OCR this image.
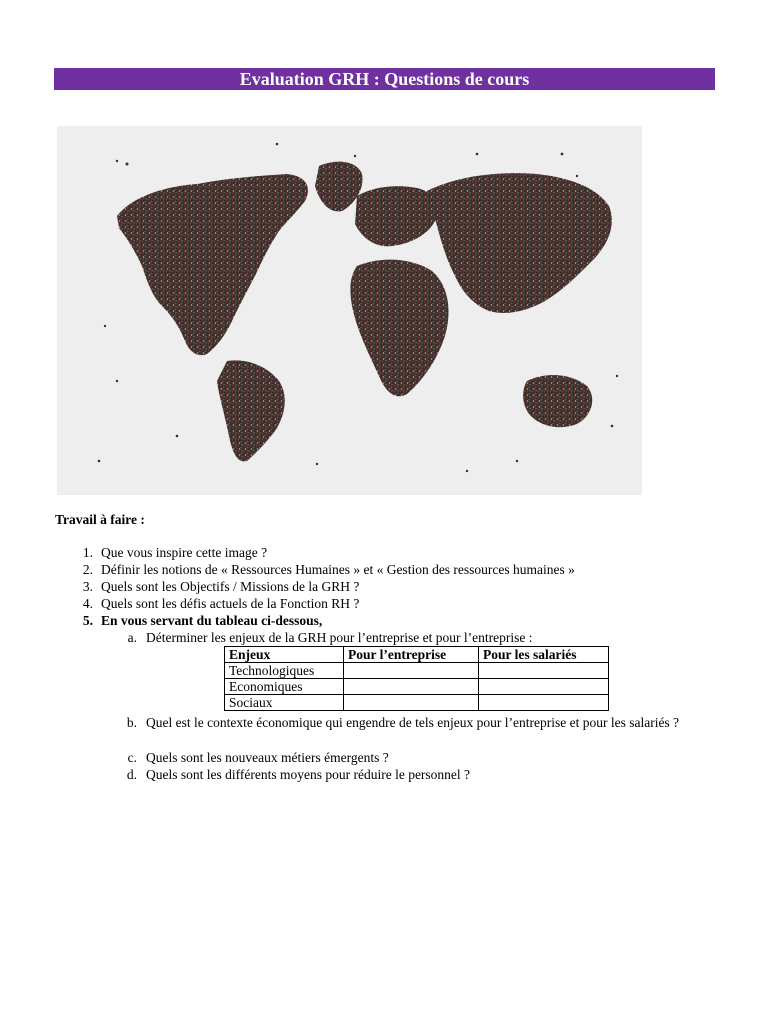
Evaluation GRH : Questions de cours
Travail à faire :
1. Que vous inspire cette image ?
2. Définir les notions de « Ressources Humaines » et « Gestion des ressources humaines »
3. Quels sont les Objectifs / Missions de la GRH ?
4. Quels sont les défis actuels de la Fonction RH ?
5. En vous servant du tableau ci-dessous,
a. Déterminer les enjeux de la GRH pour l’entreprise et pour l’entreprise :
Enjeux	Pour l’entreprise	Pour les salariés
Technologiques		
Economiques		
Sociaux		
b. Quel est le contexte économique qui engendre de tels enjeux pour l’entreprise et pour les salariés ?
c. Quels sont les nouveaux métiers émergents ?
d. Quels sont les différents moyens pour réduire le personnel ?
